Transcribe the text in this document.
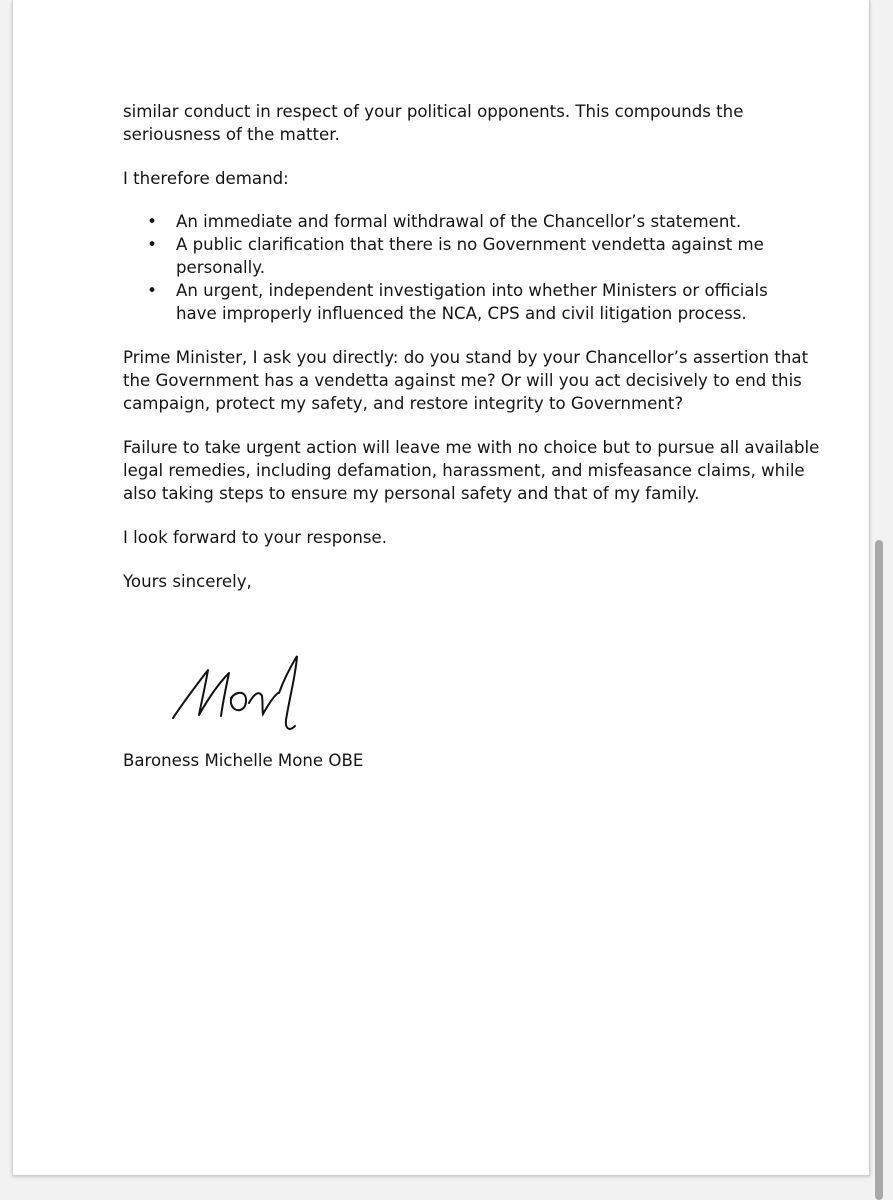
similar conduct in respect of your political opponents. This compounds the seriousness of the matter.

I therefore demand:

• An immediate and formal withdrawal of the Chancellor’s statement.
• A public clarification that there is no Government vendetta against me personally.
• An urgent, independent investigation into whether Ministers or officials have improperly influenced the NCA, CPS and civil litigation process.

Prime Minister, I ask you directly: do you stand by your Chancellor’s assertion that the Government has a vendetta against me? Or will you act decisively to end this campaign, protect my safety, and restore integrity to Government?

Failure to take urgent action will leave me with no choice but to pursue all available legal remedies, including defamation, harassment, and misfeasance claims, while also taking steps to ensure my personal safety and that of my family.

I look forward to your response.

Yours sincerely,

Baroness Michelle Mone OBE
